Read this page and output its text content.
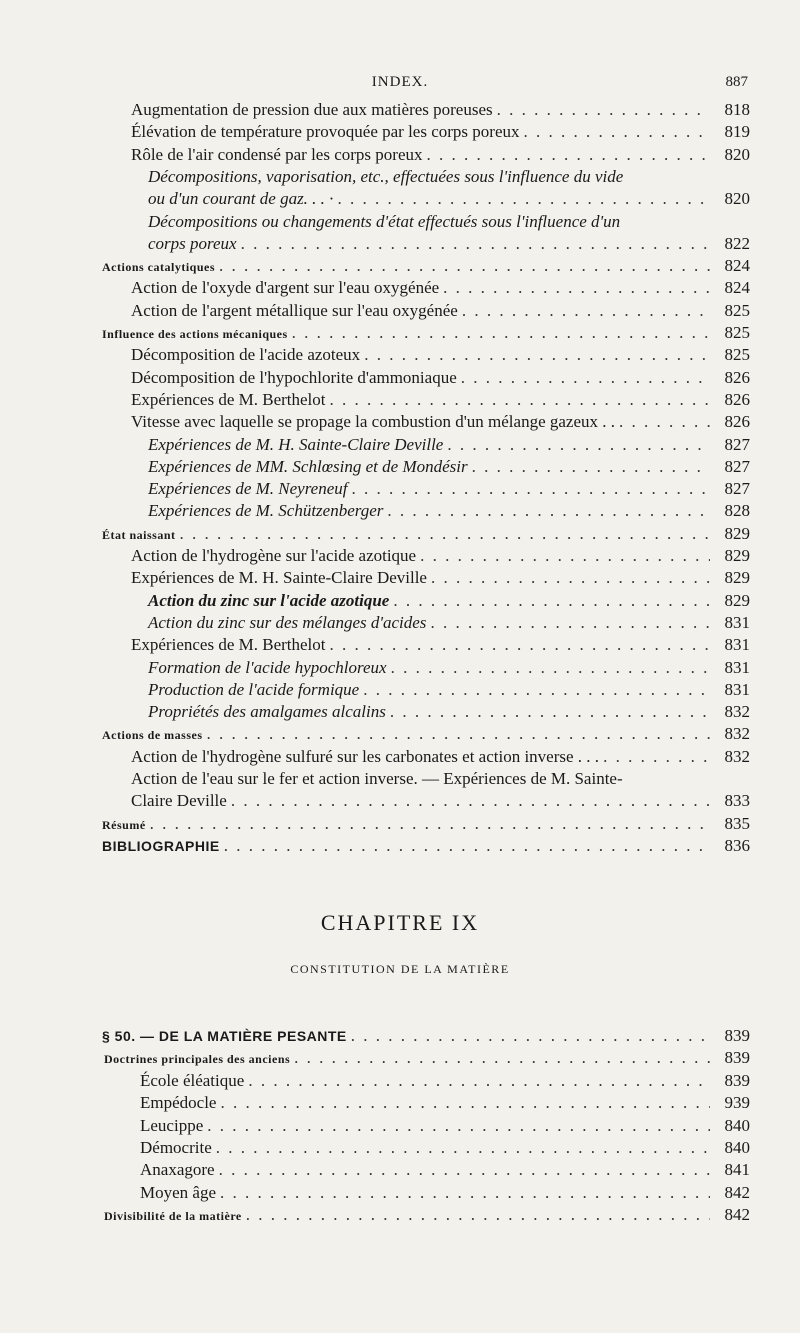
INDEX.	887
Augmentation de pression due aux matières poreuses . . .	818
Élévation de température provoquée par les corps poreux . . .	819
Rôle de l'air condensé par les corps poreux . . .	820
Décompositions, vaporisation, etc., effectuées sous l'influence du vide
ou d'un courant de gaz. . . · . . .	820
Décompositions ou changements d'état effectués sous l'influence d'un
corps poreux . . .	822
Actions catalytiques . . .	824
Action de l'oxyde d'argent sur l'eau oxygénée . . .	824
Action de l'argent métallique sur l'eau oxygénée . . .	825
Influence des actions mécaniques . . .	825
Décomposition de l'acide azoteux . . .	825
Décomposition de l'hypochlorite d'ammoniaque . . .	826
Expériences de M. Berthelot . . .	826
Vitesse avec laquelle se propage la combustion d'un mélange gazeux . . . . .	826
Expériences de M. H. Sainte-Claire Deville . . .	827
Expériences de MM. Schlœsing et de Mondésir . . .	827
Expériences de M. Neyreneuf . . .	827
Expériences de M. Schützenberger . . .	828
État naissant . . .	829
Action de l'hydrogène sur l'acide azotique . . .	829
Expériences de M. H. Sainte-Claire Deville . . .	829
Action du zinc sur l'acide azotique . . .	829
Action du zinc sur des mélanges d'acides . . .	831
Expériences de M. Berthelot . . .	831
Formation de l'acide hypochloreux . . .	831
Production de l'acide formique . . .	831
Propriétés des amalgames alcalins . . .	832
Actions de masses . . .	832
Action de l'hydrogène sulfuré sur les carbonates et action inverse . . . . . .	832
Action de l'eau sur le fer et action inverse. — Expériences de M. Sainte-
Claire Deville . . .	833
Résumé . . .	835
BIBLIOGRAPHIE . . .	836
CHAPITRE IX
CONSTITUTION DE LA MATIÈRE
§ 50. — DE LA MATIÈRE PESANTE . . .	839
Doctrines principales des anciens . . .	839
École éléatique . . .	839
Empédocle . . .	939
Leucippe . . .	840
Démocrite . . .	840
Anaxagore . . .	841
Moyen âge . . .	842
Divisibilité de la matière . . .	842
